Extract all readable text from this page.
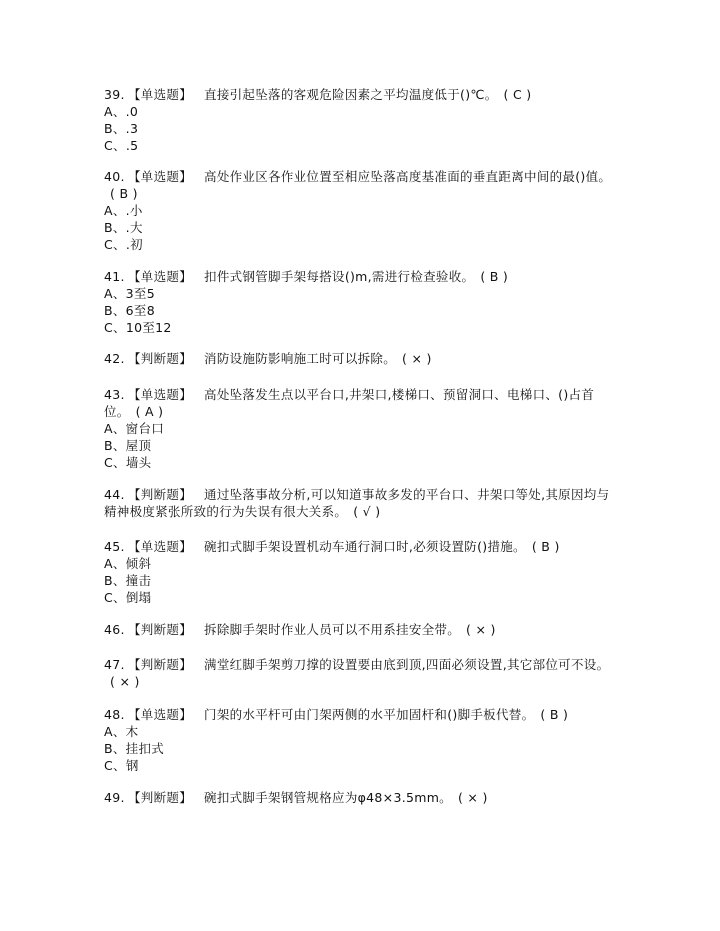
39. 【单选题】 直接引起坠落的客观危险因素之平均温度低于()℃。 ( C )
A、.0
B、.3
C、.5
40. 【单选题】 高处作业区各作业位置至相应坠落高度基准面的垂直距离中间的最()值。( B )
A、.小
B、.大
C、.初
41. 【单选题】 扣件式钢管脚手架每搭设()m,需进行检查验收。 ( B )
A、3至5
B、6至8
C、10至12
42. 【判断题】 消防设施防影响施工时可以拆除。 ( × )
43. 【单选题】 高处坠落发生点以平台口,井架口,楼梯口、预留洞口、电梯口、()占首位。 ( A )
A、窗台口
B、屋顶
C、墙头
44. 【判断题】 通过坠落事故分析,可以知道事故多发的平台口、井架口等处,其原因均与精神极度紧张所致的行为失误有很大关系。 ( √ )
45. 【单选题】 碗扣式脚手架设置机动车通行洞口时,必须设置防()措施。 ( B )
A、倾斜
B、撞击
C、倒塌
46. 【判断题】 拆除脚手架时作业人员可以不用系挂安全带。 ( × )
47. 【判断题】 满堂红脚手架剪刀撑的设置要由底到顶,四面必须设置,其它部位可不设。( × )
48. 【单选题】 门架的水平杆可由门架两侧的水平加固杆和()脚手板代替。 ( B )
A、木
B、挂扣式
C、钢
49. 【判断题】 碗扣式脚手架钢管规格应为φ48×3.5mm。 ( × )
